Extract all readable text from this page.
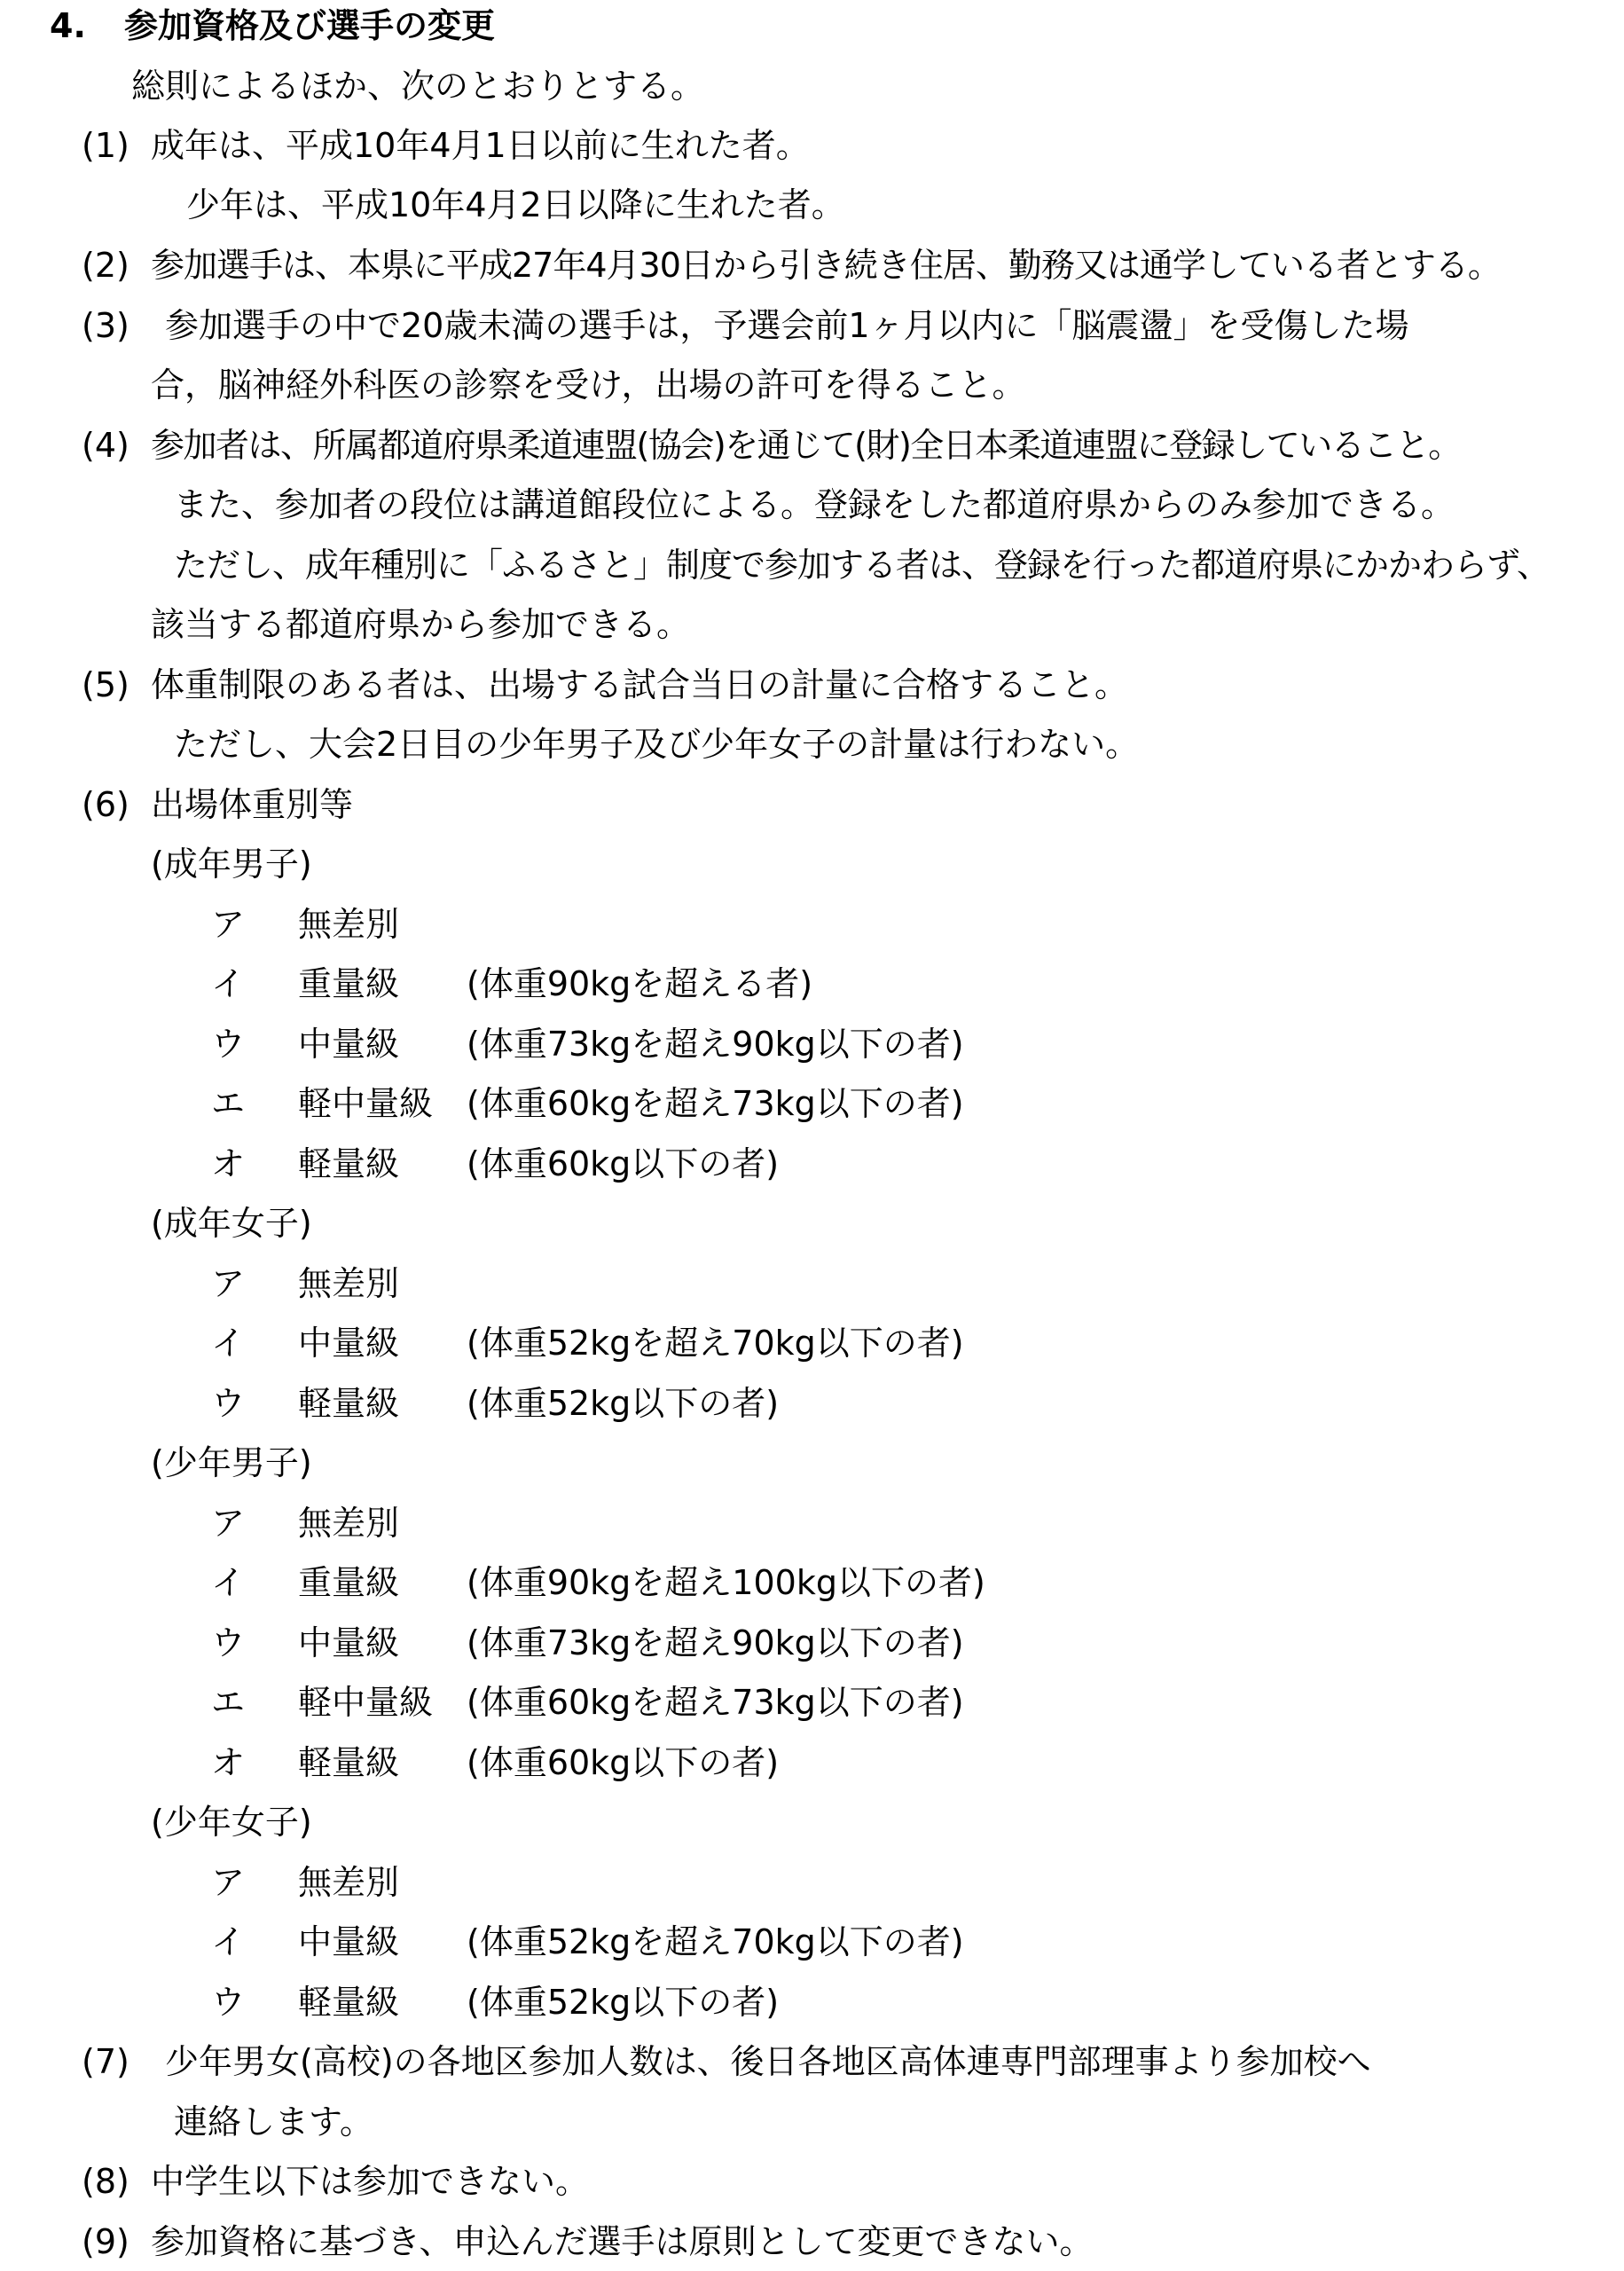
4. 参加資格及び選手の変更
総則によるほか、次のとおりとする。
(1) 成年は、平成10年4月1日以前に生れた者。
少年は、平成10年4月2日以降に生れた者。
(2) 参加選手は、本県に平成27年4月30日から引き続き住居、勤務又は通学している者とする。
(3) 参加選手の中で20歳未満の選手は，予選会前1ヶ月以内に「脳震盪」を受傷した場
合，脳神経外科医の診察を受け，出場の許可を得ること。
(4) 参加者は、所属都道府県柔道連盟(協会)を通じて(財)全日本柔道連盟に登録していること。
また、参加者の段位は講道館段位による。登録をした都道府県からのみ参加できる。
ただし、成年種別に「ふるさと」制度で参加する者は、登録を行った都道府県にかかわらず、
該当する都道府県から参加できる。
(5) 体重制限のある者は、出場する試合当日の計量に合格すること。
ただし、大会2日目の少年男子及び少年女子の計量は行わない。
(6) 出場体重別等
(成年男子)
ア 無差別
イ 重量級 (体重90kgを超える者)
ウ 中量級 (体重73kgを超え90kg以下の者)
エ 軽中量級 (体重60kgを超え73kg以下の者)
オ 軽量級 (体重60kg以下の者)
(成年女子)
ア 無差別
イ 中量級 (体重52kgを超え70kg以下の者)
ウ 軽量級 (体重52kg以下の者)
(少年男子)
ア 無差別
イ 重量級 (体重90kgを超え100kg以下の者)
ウ 中量級 (体重73kgを超え90kg以下の者)
エ 軽中量級 (体重60kgを超え73kg以下の者)
オ 軽量級 (体重60kg以下の者)
(少年女子)
ア 無差別
イ 中量級 (体重52kgを超え70kg以下の者)
ウ 軽量級 (体重52kg以下の者)
(7) 少年男女(高校)の各地区参加人数は、後日各地区高体連専門部理事より参加校へ
連絡します。
(8) 中学生以下は参加できない。
(9) 参加資格に基づき、申込んだ選手は原則として変更できない。
